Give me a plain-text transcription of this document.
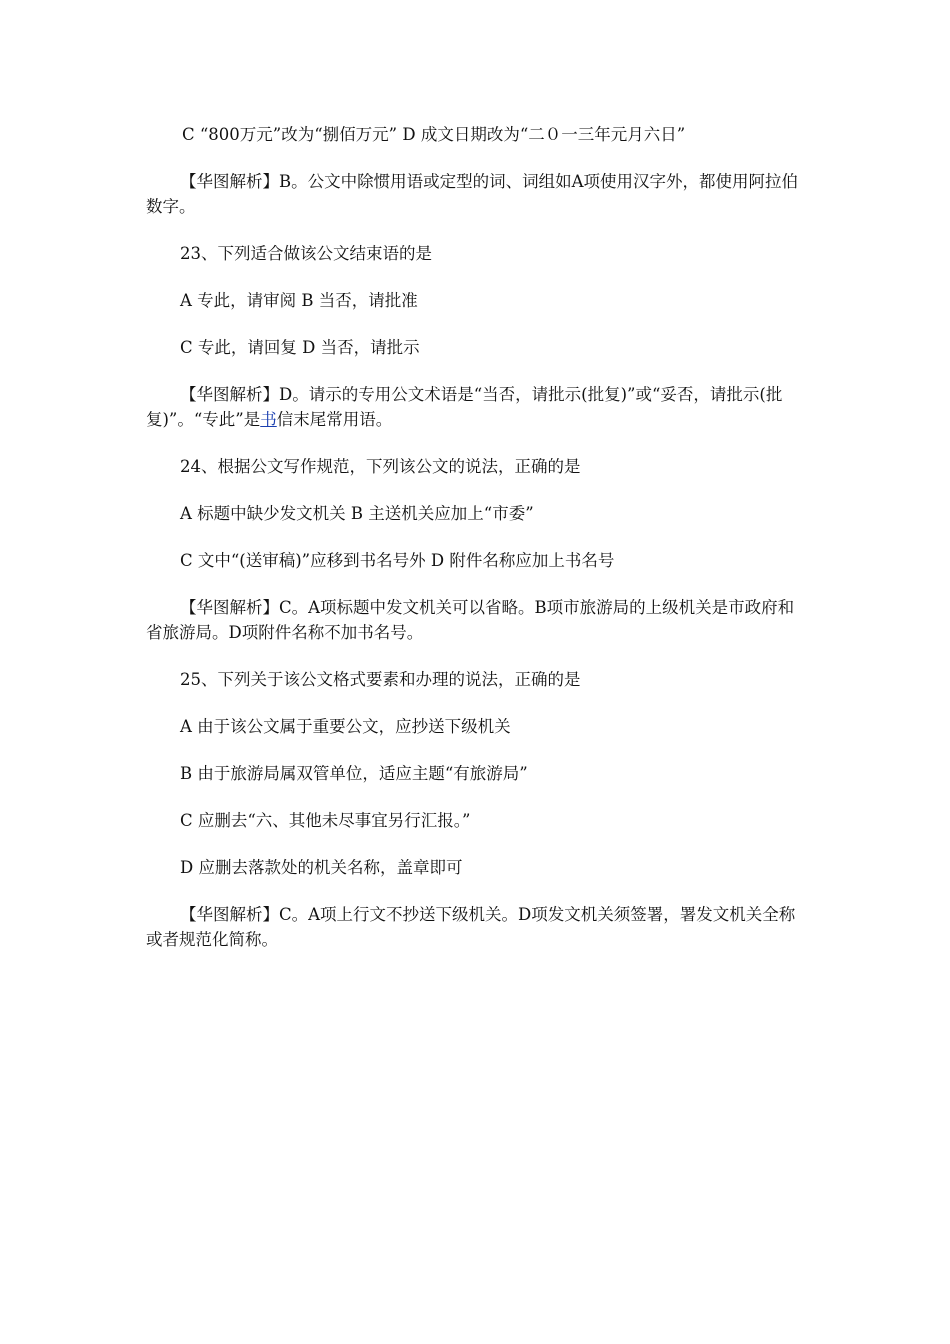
C “800万元”改为“捌佰万元” D 成文日期改为“二０一三年元月六日”

【华图解析】B。公文中除惯用语或定型的词、词组如A项使用汉字外，都使用阿拉伯数字。

23、下列适合做该公文结束语的是

A 专此，请审阅 B 当否，请批准

C 专此，请回复 D 当否，请批示

【华图解析】D。请示的专用公文术语是“当否，请批示(批复)”或“妥否，请批示(批复)”。“专此”是书信末尾常用语。

24、根据公文写作规范，下列该公文的说法，正确的是

A 标题中缺少发文机关 B 主送机关应加上“市委”

C 文中“(送审稿)”应移到书名号外 D 附件名称应加上书名号

【华图解析】C。A项标题中发文机关可以省略。B项市旅游局的上级机关是市政府和省旅游局。D项附件名称不加书名号。

25、下列关于该公文格式要素和办理的说法，正确的是

A 由于该公文属于重要公文，应抄送下级机关

B 由于旅游局属双管单位，适应主题“有旅游局”

C 应删去“六、其他未尽事宜另行汇报。”

D 应删去落款处的机关名称，盖章即可

【华图解析】C。A项上行文不抄送下级机关。D项发文机关须签署，署发文机关全称或者规范化简称。
